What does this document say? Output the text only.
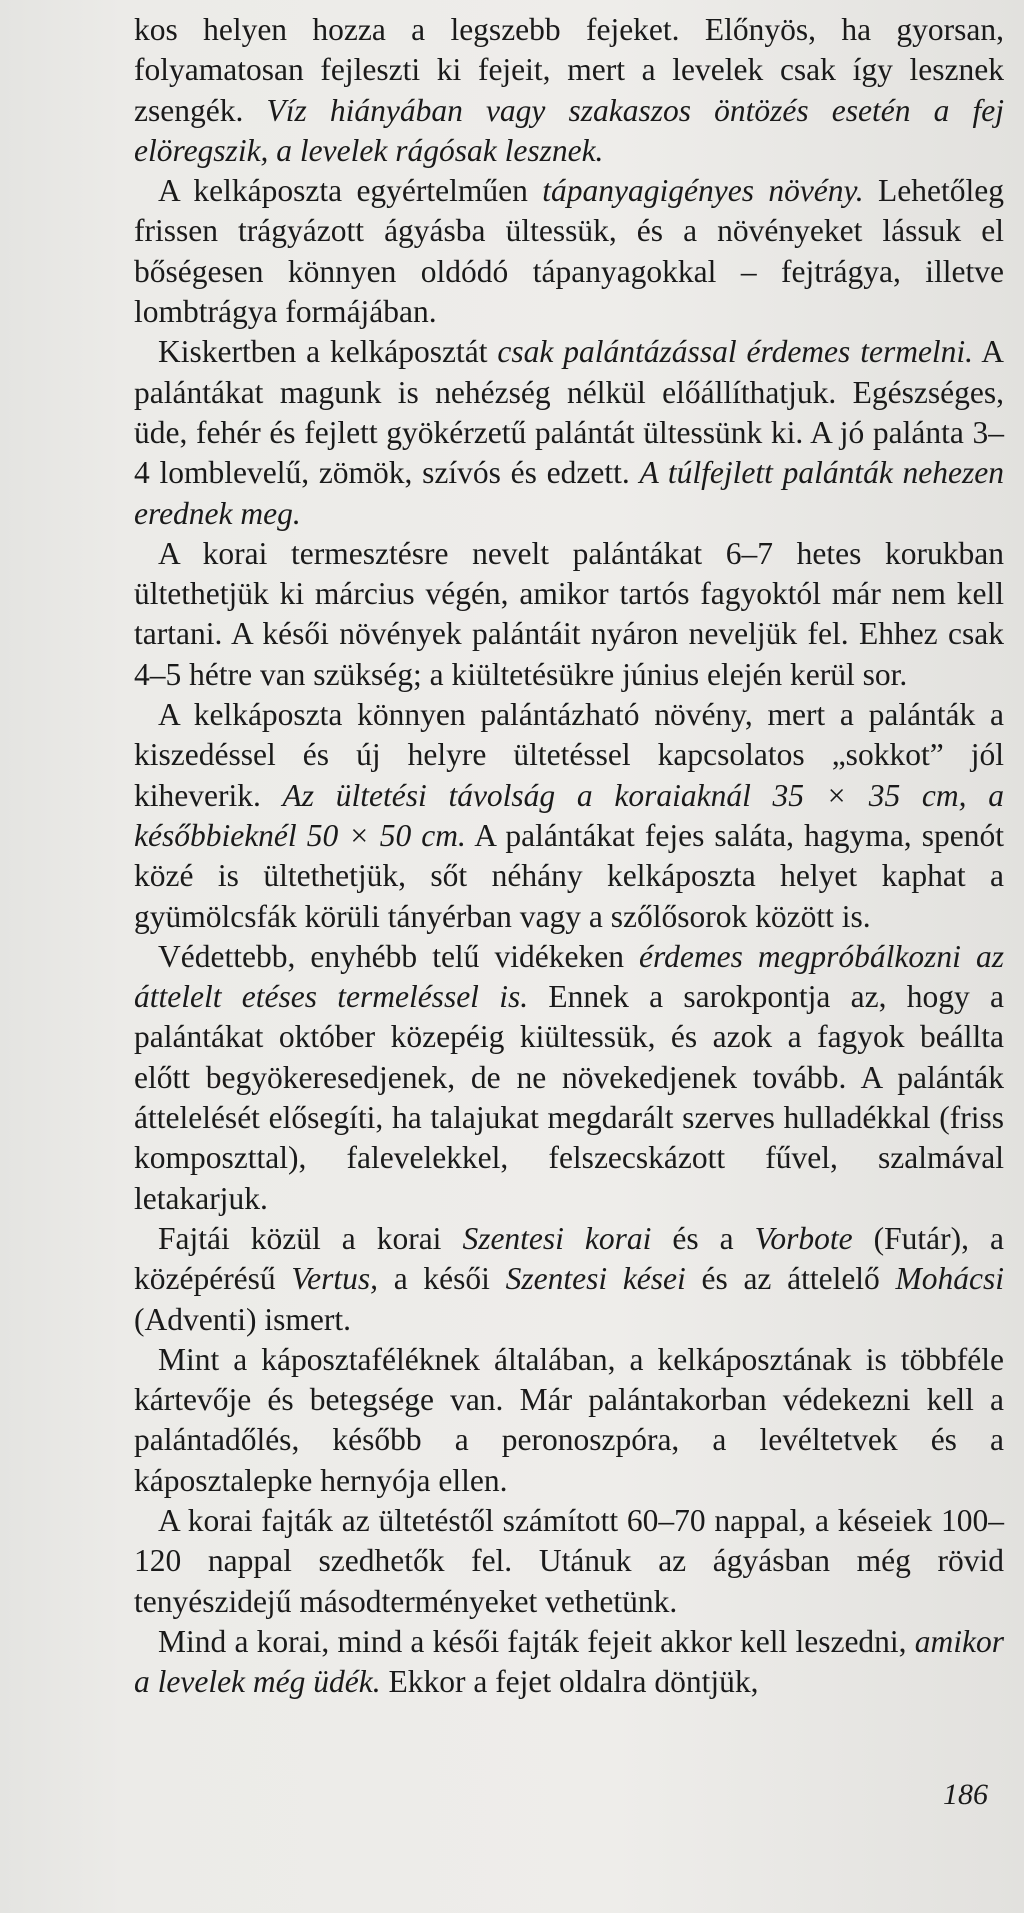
kos helyen hozza a legszebb fejeket. Előnyös, ha gyorsan, folyamatosan fejleszti ki fejeit, mert a levelek csak így lesznek zsengék. Víz hiányában vagy szakaszos öntözés esetén a fej elöregszik, a levelek rágósak lesznek.

A kelkáposzta egyértelműen tápanyagigényes növény. Lehetőleg frissen trágyázott ágyásba ültessük, és a növényeket lássuk el bőségesen könnyen oldódó tápanyagokkal – fejtrágya, illetve lombtrágya formájában.

Kiskertben a kelkáposztát csak palántázással érdemes termelni. A palántákat magunk is nehézség nélkül előállíthatjuk. Egészséges, üde, fehér és fejlett gyökérzetű palántát ültessünk ki. A jó palánta 3–4 lomblevelű, zömök, szívós és edzett. A túlfejlett palánták nehezen erednek meg.

A korai termesztésre nevelt palántákat 6–7 hetes korukban ültethetjük ki március végén, amikor tartós fagyoktól már nem kell tartani. A késői növények palántáit nyáron neveljük fel. Ehhez csak 4–5 hétre van szükség; a kiültetésükre június elején kerül sor.

A kelkáposzta könnyen palántázható növény, mert a palánták a kiszedéssel és új helyre ültetéssel kapcsolatos „sokkot” jól kiheverik. Az ültetési távolság a koraiaknál 35 × 35 cm, a későbbieknél 50 × 50 cm. A palántákat fejes saláta, hagyma, spenót közé is ültethetjük, sőt néhány kelkáposzta helyet kaphat a gyümölcsfák körüli tányérban vagy a szőlősorok között is.

Védettebb, enyhébb telű vidékeken érdemes megpróbálkozni az áttelelt etéses termeléssel is. Ennek a sarokpontja az, hogy a palántákat október közepéig kiültessük, és azok a fagyok beállta előtt begyökeresedjenek, de ne növekedjenek tovább. A palánták áttelelését elősegíti, ha talajukat megdarált szerves hulladékkal (friss komposzttal), falevelekkel, felszecskázott fűvel, szalmával letakarjuk.

Fajtái közül a korai Szentesi korai és a Vorbote (Futár), a középérésű Vertus, a késői Szentesi kései és az áttelelő Mohácsi (Adventi) ismert.

Mint a káposztaféléknek általában, a kelkáposztának is többféle kártevője és betegsége van. Már palántakorban védekezni kell a palántadőlés, később a peronoszpóra, a levéltetvek és a káposztalepke hernyója ellen.

A korai fajták az ültetéstől számított 60–70 nappal, a késeiek 100–120 nappal szedhetők fel. Utánuk az ágyásban még rövid tenyészidejű másodterményeket vethetünk.

Mind a korai, mind a késői fajták fejeit akkor kell leszedni, amikor a levelek még üdék. Ekkor a fejet oldalra döntjük,

186
